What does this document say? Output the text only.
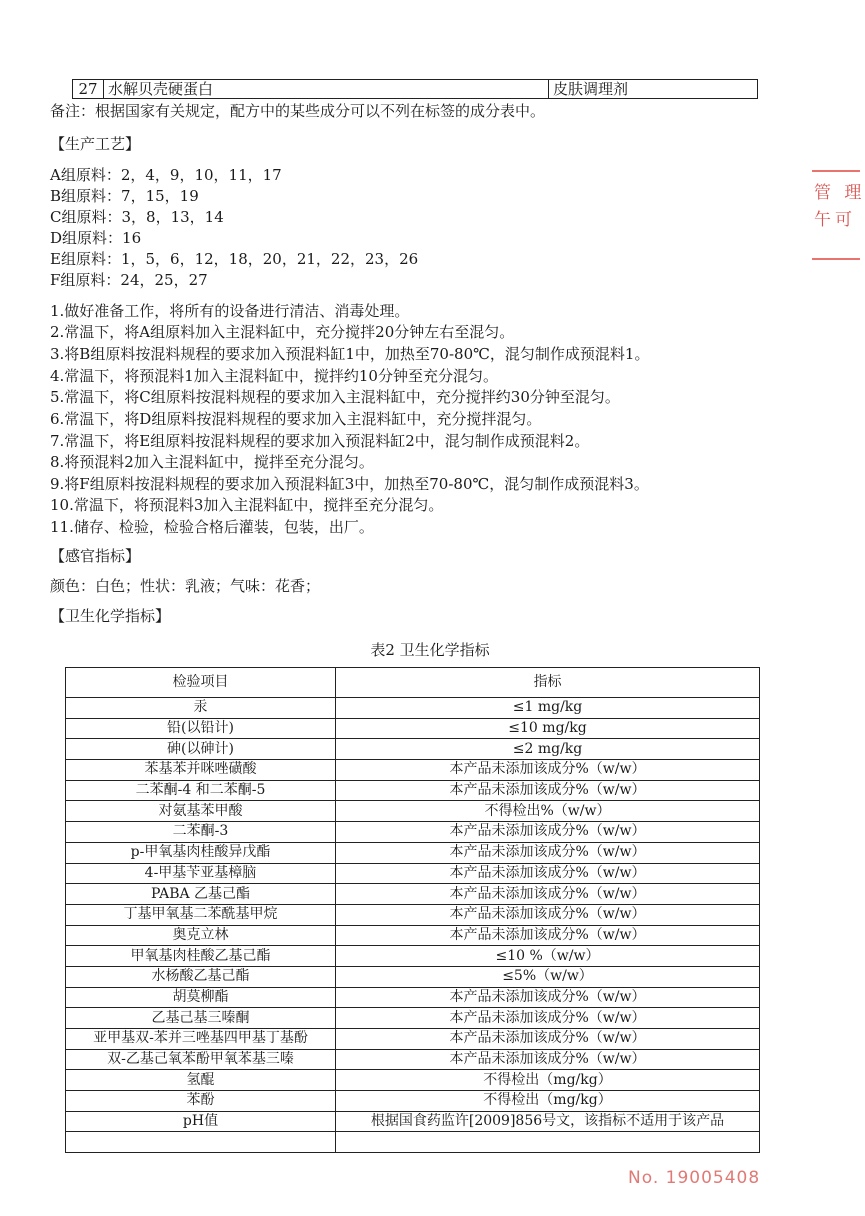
27	水解贝壳硬蛋白	皮肤调理剂
备注：根据国家有关规定，配方中的某些成分可以不列在标签的成分表中。
【生产工艺】
A组原料：2，4，9，10，11，17
B组原料：7，15，19
C组原料：3，8，13，14
D组原料：16
E组原料：1，5，6，12，18，20，21，22，23，26
F组原料：24，25，27
1.做好准备工作，将所有的设备进行清洁、消毒处理。
2.常温下，将A组原料加入主混料缸中，充分搅拌20分钟左右至混匀。
3.将B组原料按混料规程的要求加入预混料缸1中，加热至70-80℃，混匀制作成预混料1。
4.常温下，将预混料1加入主混料缸中，搅拌约10分钟至充分混匀。
5.常温下，将C组原料按混料规程的要求加入主混料缸中，充分搅拌约30分钟至混匀。
6.常温下，将D组原料按混料规程的要求加入主混料缸中，充分搅拌混匀。
7.常温下，将E组原料按混料规程的要求加入预混料缸2中，混匀制作成预混料2。
8.将预混料2加入主混料缸中，搅拌至充分混匀。
9.将F组原料按混料规程的要求加入预混料缸3中，加热至70-80℃，混匀制作成预混料3。
10.常温下，将预混料3加入主混料缸中，搅拌至充分混匀。
11.储存、检验，检验合格后灌装，包装，出厂。
【感官指标】
颜色：白色；性状：乳液；气味：花香；
【卫生化学指标】
表2 卫生化学指标
检验项目	指标
汞	≤1 mg/kg
铅(以铅计)	≤10 mg/kg
砷(以砷计)	≤2 mg/kg
苯基苯并咪唑磺酸	本产品未添加该成分%（w/w）
二苯酮-4 和二苯酮-5	本产品未添加该成分%（w/w）
对氨基苯甲酸	不得检出%（w/w）
二苯酮-3	本产品未添加该成分%（w/w）
p-甲氧基肉桂酸异戊酯	本产品未添加该成分%（w/w）
4-甲基苄亚基樟脑	本产品未添加该成分%（w/w）
PABA 乙基己酯	本产品未添加该成分%（w/w）
丁基甲氧基二苯酰基甲烷	本产品未添加该成分%（w/w）
奥克立林	本产品未添加该成分%（w/w）
甲氧基肉桂酸乙基己酯	≤10 %（w/w）
水杨酸乙基己酯	≤5%（w/w）
胡莫柳酯	本产品未添加该成分%（w/w）
乙基己基三嗪酮	本产品未添加该成分%（w/w）
亚甲基双-苯并三唑基四甲基丁基酚	本产品未添加该成分%（w/w）
双-乙基己氧苯酚甲氧苯基三嗪	本产品未添加该成分%（w/w）
氢醌	不得检出（mg/kg）
苯酚	不得检出（mg/kg）
pH值	根据国食药监许[2009]856号文，该指标不适用于该产品

管 理
午可
No. 19005408
